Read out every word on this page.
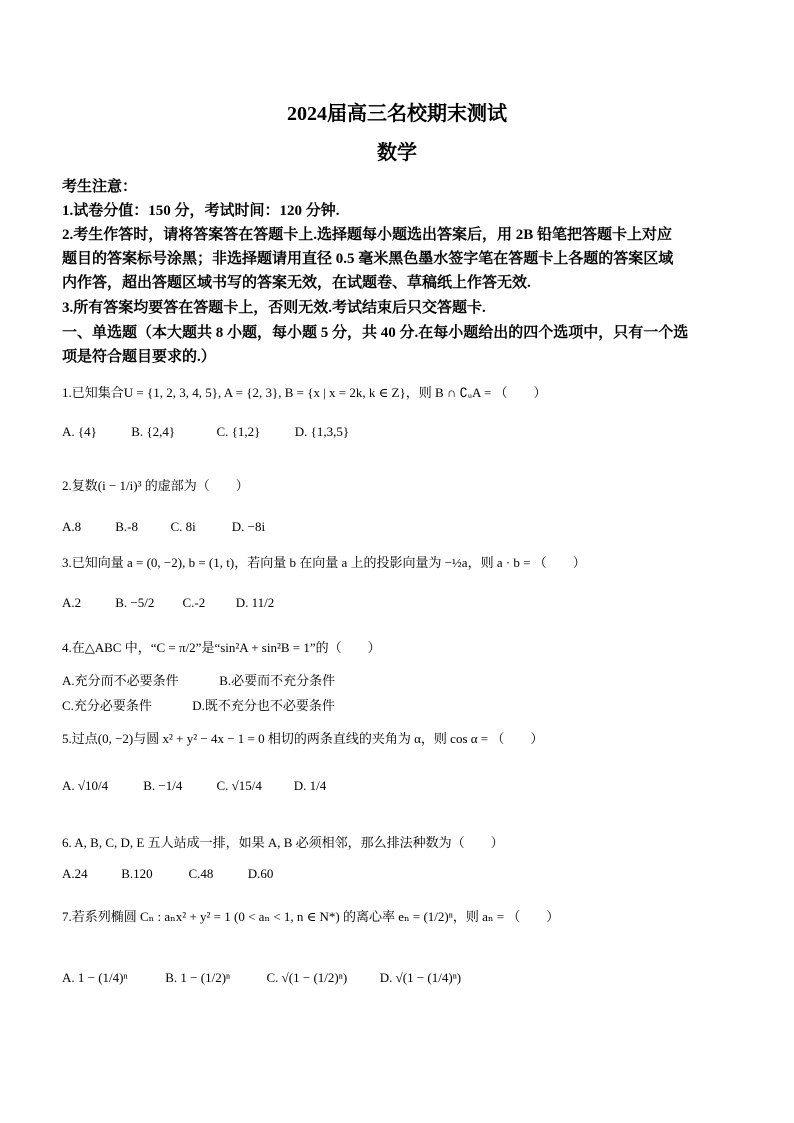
2024届高三名校期末测试
数学
考生注意：
1.试卷分值：150 分，考试时间：120 分钟.
2.考生作答时，请将答案答在答题卡上.选择题每小题选出答案后，用 2B 铅笔把答题卡上对应
题目的答案标号涂黑；非选择题请用直径 0.5 毫米黑色墨水签字笔在答题卡上各题的答案区域
内作答，超出答题区域书写的答案无效，在试题卷、草稿纸上作答无效.
3.所有答案均要答在答题卡上，否则无效.考试结束后只交答题卡.
一、单选题（本大题共 8 小题，每小题 5 分，共 40 分.在每小题给出的四个选项中，只有一个选
项是符合题目要求的.）
1.已知集合U = {1, 2, 3, 4, 5}, A = {2, 3}, B = {x | x = 2k, k ∈ Z}，则 B ∩ ∁ᵤA = （　　）
A. {4}	B. {2,4}	C. {1,2}	D. {1,3,5}
2.复数(i − 1/i)³ 的虚部为（　　）
A.8	B.-8	C. 8i	D. −8i
3.已知向量 a = (0, −2), b = (1, t)，若向量 b 在向量 a 上的投影向量为 −½a，则 a · b = （　　）
A.2	B. −5/2 C.-2 D. 11/2
4.在△ABC 中，“C = π/2”是“sin²A + sin²B = 1”的（　　）
A.充分而不必要条件	B.必要而不充分条件
C.充分必要条件	D.既不充分也不必要条件
5.过点(0, −2)与圆 x² + y² − 4x − 1 = 0 相切的两条直线的夹角为 α，则 cos α = （　　）
A. √10/4	B. −1/4	C. √15/4 D. 1/4
6. A, B, C, D, E 五人站成一排，如果 A, B 必须相邻，那么排法种数为（　　）
A.24	B.120	C.48	D.60
7.若系列椭圆 Cₙ : aₙx² + y² = 1 (0 < aₙ < 1, n ∈ N*) 的离心率 eₙ = (1/2)ⁿ，则 aₙ = （　　）
A. 1 − (1/4)ⁿ	B. 1 − (1/2)ⁿ	C. √(1 − (1/2)ⁿ)	D. √(1 − (1/4)ⁿ)
